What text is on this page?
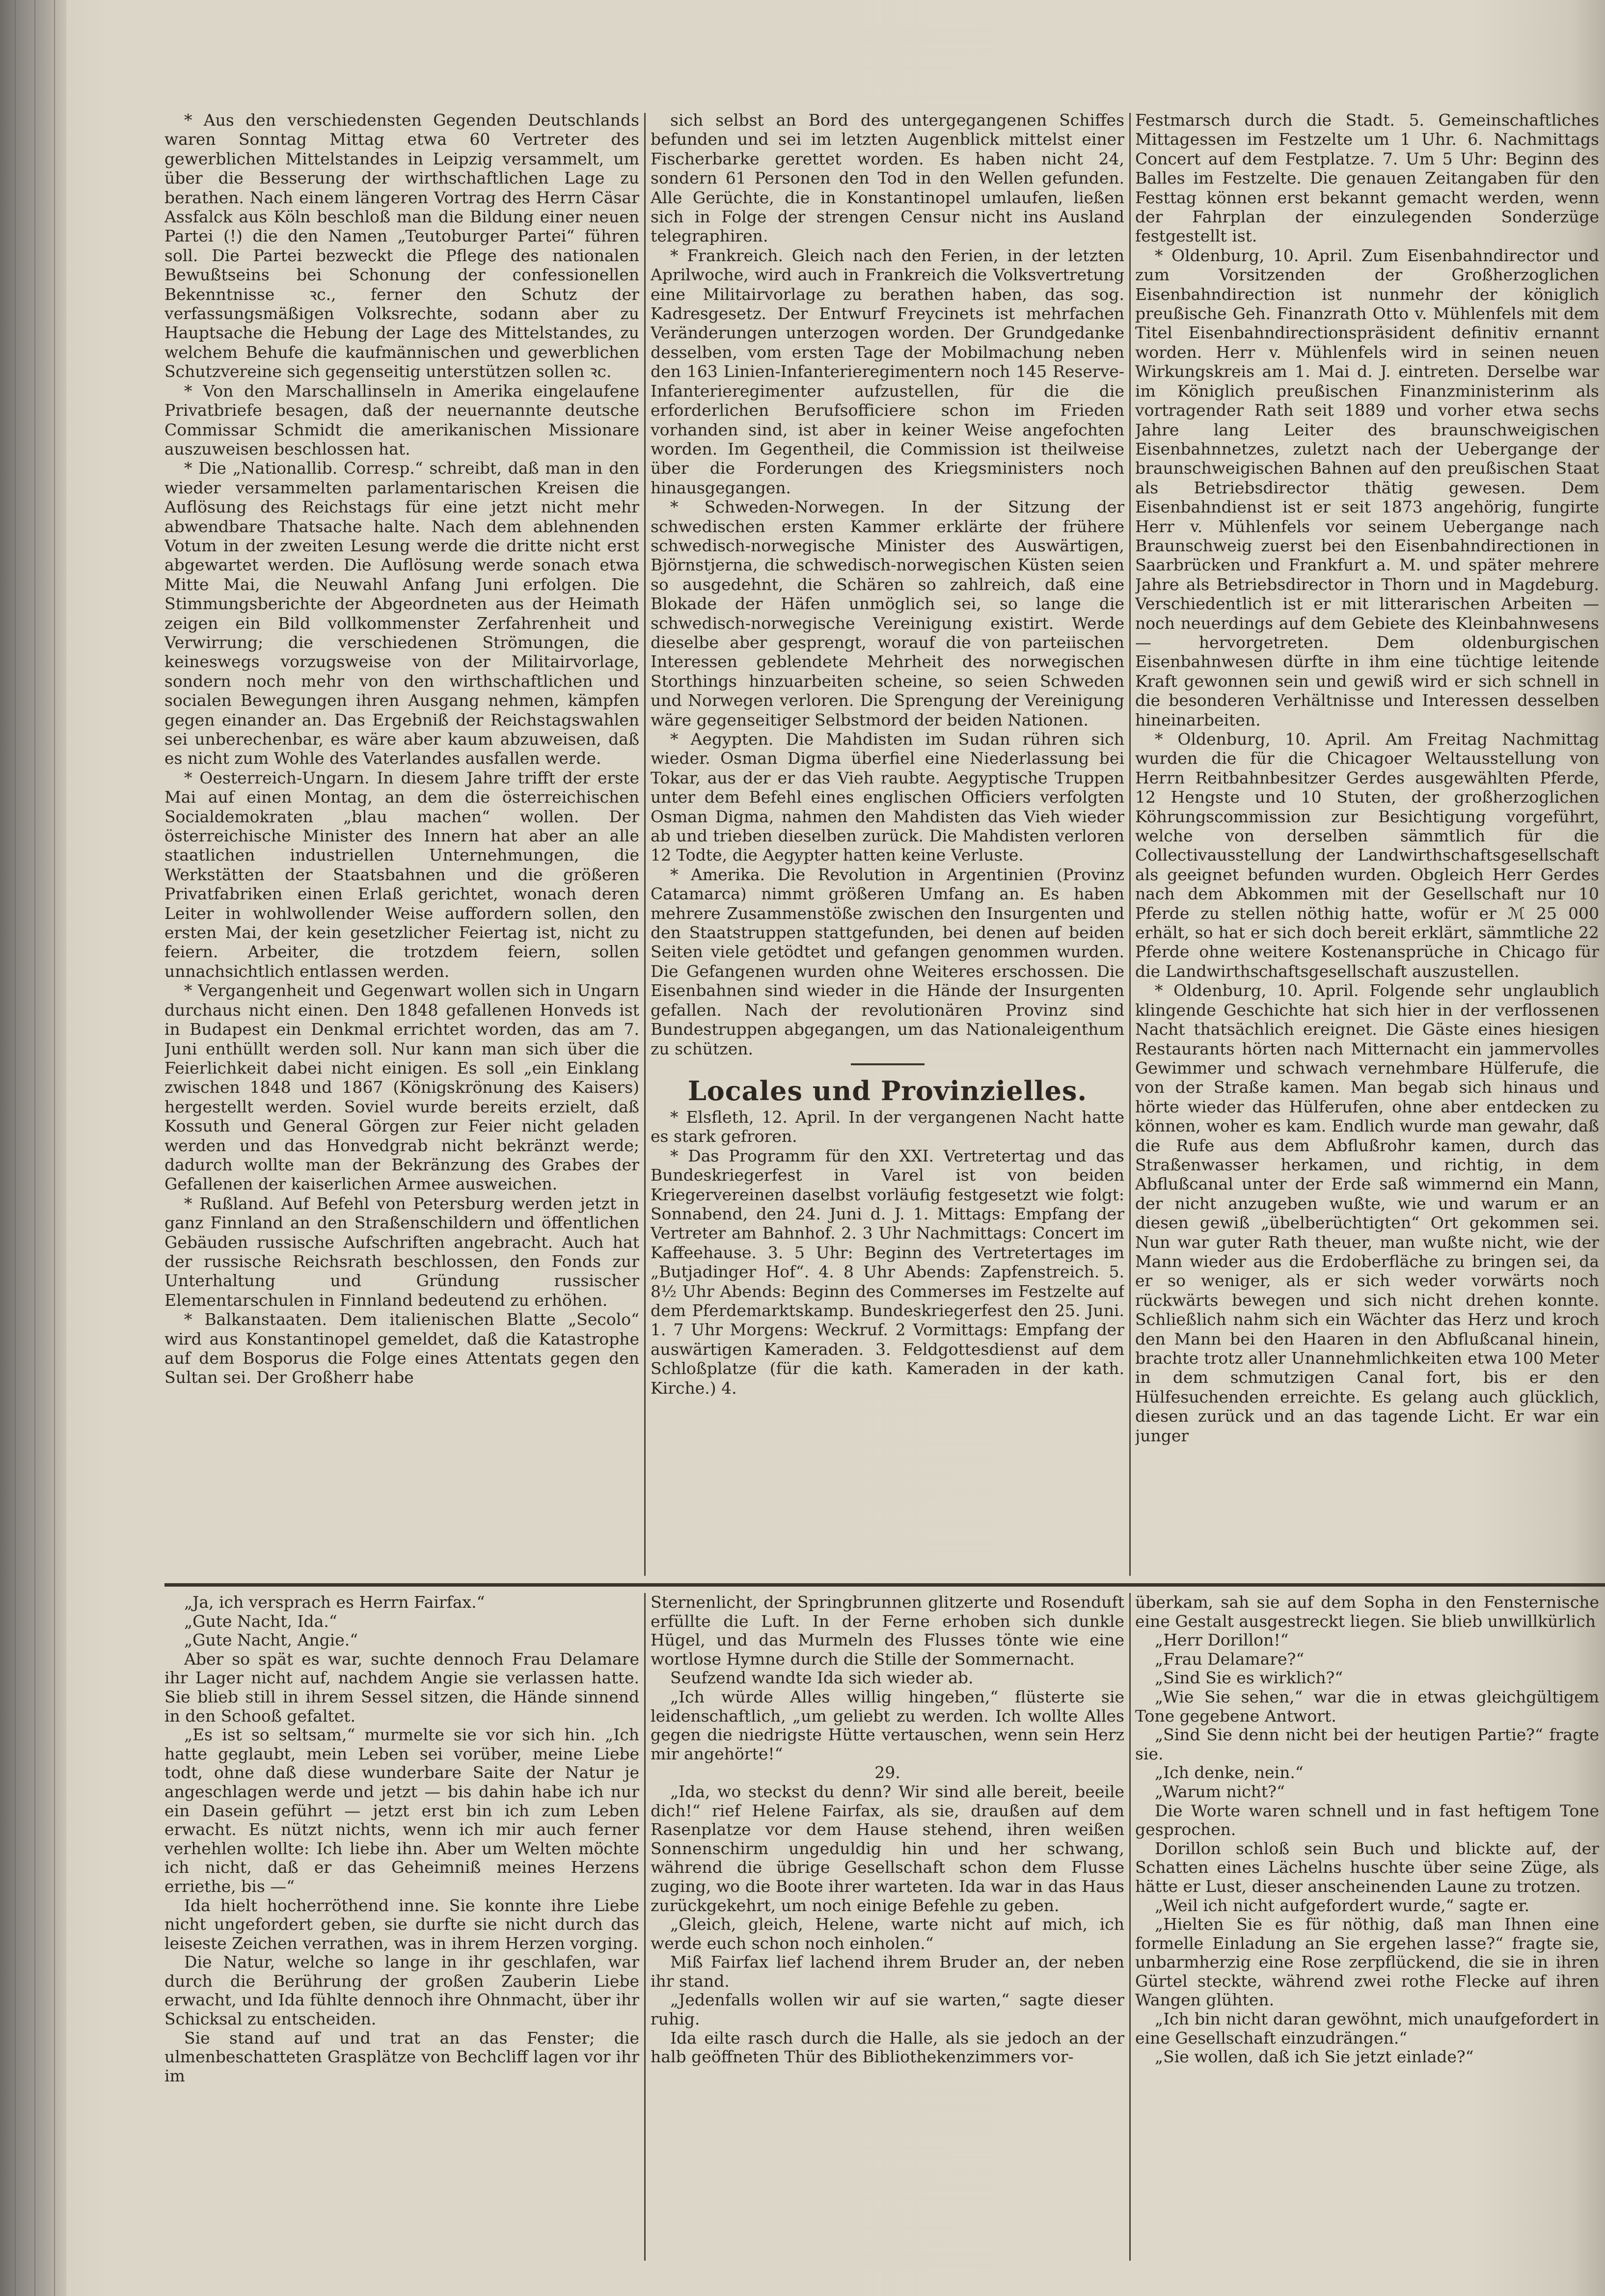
* Aus den verschiedensten Gegenden Deutschlands waren Sonntag Mittag etwa 60 Vertreter des gewerblichen Mittelstandes in Leipzig versammelt, um über die Besserung der wirthschaftlichen Lage zu berathen. Nach einem längeren Vortrag des Herrn Cäsar Assfalck aus Köln beschloß man die Bildung einer neuen Partei (!) die den Namen „Teutoburger Partei“ führen soll. Die Partei bezweckt die Pflege des nationalen Bewußtseins bei Schonung der confessionellen Bekenntnisse ꝛc., ferner den Schutz der verfassungsmäßigen Volksrechte, sodann aber zu Hauptsache die Hebung der Lage des Mittelstandes, zu welchem Behufe die kaufmännischen und gewerblichen Schutzvereine sich gegenseitig unterstützen sollen ꝛc.

* Von den Marschallinseln in Amerika eingelaufene Privatbriefe besagen, daß der neuernannte deutsche Commissar Schmidt die amerikanischen Missionare auszuweisen beschlossen hat.

* Die „Nationallib. Corresp.“ schreibt, daß man in den wieder versammelten parlamentarischen Kreisen die Auflösung des Reichstags für eine jetzt nicht mehr abwendbare Thatsache halte. Nach dem ablehnenden Votum in der zweiten Lesung werde die dritte nicht erst abgewartet werden. Die Auflösung werde sonach etwa Mitte Mai, die Neuwahl Anfang Juni erfolgen. Die Stimmungsberichte der Abgeordneten aus der Heimath zeigen ein Bild vollkommenster Zerfahrenheit und Verwirrung; die verschiedenen Strömungen, die keineswegs vorzugsweise von der Militairvorlage, sondern noch mehr von den wirthschaftlichen und socialen Bewegungen ihren Ausgang nehmen, kämpfen gegen einander an. Das Ergebniß der Reichstagswahlen sei unberechenbar, es wäre aber kaum abzuweisen, daß es nicht zum Wohle des Vaterlandes ausfallen werde.

* Oesterreich-Ungarn. In diesem Jahre trifft der erste Mai auf einen Montag, an dem die österreichischen Socialdemokraten „blau machen“ wollen. Der österreichische Minister des Innern hat aber an alle staatlichen industriellen Unternehmungen, die Werkstätten der Staatsbahnen und die größeren Privatfabriken einen Erlaß gerichtet, wonach deren Leiter in wohlwollender Weise auffordern sollen, den ersten Mai, der kein gesetzlicher Feiertag ist, nicht zu feiern. Arbeiter, die trotzdem feiern, sollen unnachsichtlich entlassen werden.

* Vergangenheit und Gegenwart wollen sich in Ungarn durchaus nicht einen. Den 1848 gefallenen Honveds ist in Budapest ein Denkmal errichtet worden, das am 7. Juni enthüllt werden soll. Nur kann man sich über die Feierlichkeit dabei nicht einigen. Es soll „ein Einklang zwischen 1848 und 1867 (Königskrönung des Kaisers) hergestellt werden. Soviel wurde bereits erzielt, daß Kossuth und General Görgen zur Feier nicht geladen werden und das Honvedgrab nicht bekränzt werde; dadurch wollte man der Bekränzung des Grabes der Gefallenen der kaiserlichen Armee ausweichen.

* Rußland. Auf Befehl von Petersburg werden jetzt in ganz Finnland an den Straßenschildern und öffentlichen Gebäuden russische Aufschriften angebracht. Auch hat der russische Reichsrath beschlossen, den Fonds zur Unterhaltung und Gründung russischer Elementarschulen in Finnland bedeutend zu erhöhen.

* Balkanstaaten. Dem italienischen Blatte „Secolo“ wird aus Konstantinopel gemeldet, daß die Katastrophe auf dem Bosporus die Folge eines Attentats gegen den Sultan sei. Der Großherr habe

sich selbst an Bord des untergegangenen Schiffes befunden und sei im letzten Augenblick mittelst einer Fischerbarke gerettet worden. Es haben nicht 24, sondern 61 Personen den Tod in den Wellen gefunden. Alle Gerüchte, die in Konstantinopel umlaufen, ließen sich in Folge der strengen Censur nicht ins Ausland telegraphiren.

* Frankreich. Gleich nach den Ferien, in der letzten Aprilwoche, wird auch in Frankreich die Volksvertretung eine Militairvorlage zu berathen haben, das sog. Kadresgesetz. Der Entwurf Freycinets ist mehrfachen Veränderungen unterzogen worden. Der Grundgedanke desselben, vom ersten Tage der Mobilmachung neben den 163 Linien-Infanterieregimentern noch 145 Reserve-Infanterieregimenter aufzustellen, für die die erforderlichen Berufsofficiere schon im Frieden vorhanden sind, ist aber in keiner Weise angefochten worden. Im Gegentheil, die Commission ist theilweise über die Forderungen des Kriegsministers noch hinausgegangen.

* Schweden-Norwegen. In der Sitzung der schwedischen ersten Kammer erklärte der frühere schwedisch-norwegische Minister des Auswärtigen, Björnstjerna, die schwedisch-norwegischen Küsten seien so ausgedehnt, die Schären so zahlreich, daß eine Blokade der Häfen unmöglich sei, so lange die schwedisch-norwegische Vereinigung existirt. Werde dieselbe aber gesprengt, worauf die von parteiischen Interessen geblendete Mehrheit des norwegischen Storthings hinzuarbeiten scheine, so seien Schweden und Norwegen verloren. Die Sprengung der Vereinigung wäre gegenseitiger Selbstmord der beiden Nationen.

* Aegypten. Die Mahdisten im Sudan rühren sich wieder. Osman Digma überfiel eine Niederlassung bei Tokar, aus der er das Vieh raubte. Aegyptische Truppen unter dem Befehl eines englischen Officiers verfolgten Osman Digma, nahmen den Mahdisten das Vieh wieder ab und trieben dieselben zurück. Die Mahdisten verloren 12 Todte, die Aegypter hatten keine Verluste.

* Amerika. Die Revolution in Argentinien (Provinz Catamarca) nimmt größeren Umfang an. Es haben mehrere Zusammenstöße zwischen den Insurgenten und den Staatstruppen stattgefunden, bei denen auf beiden Seiten viele getödtet und gefangen genommen wurden. Die Gefangenen wurden ohne Weiteres erschossen. Die Eisenbahnen sind wieder in die Hände der Insurgenten gefallen. Nach der revolutionären Provinz sind Bundestruppen abgegangen, um das Nationaleigenthum zu schützen.

Locales und Provinzielles.

* Elsfleth, 12. April. In der vergangenen Nacht hatte es stark gefroren.

* Das Programm für den XXI. Vertretertag und das Bundeskriegerfest in Varel ist von beiden Kriegervereinen daselbst vorläufig festgesetzt wie folgt: Sonnabend, den 24. Juni d. J. 1. Mittags: Empfang der Vertreter am Bahnhof. 2. 3 Uhr Nachmittags: Concert im Kaffeehause. 3. 5 Uhr: Beginn des Vertretertages im „Butjadinger Hof“. 4. 8 Uhr Abends: Zapfenstreich. 5. 8½ Uhr Abends: Beginn des Commerses im Festzelte auf dem Pferdemarktskamp. Bundeskriegerfest den 25. Juni. 1. 7 Uhr Morgens: Weckruf. 2 Vormittags: Empfang der auswärtigen Kameraden. 3. Feldgottesdienst auf dem Schloßplatze (für die kath. Kameraden in der kath. Kirche.) 4.

Festmarsch durch die Stadt. 5. Gemeinschaftliches Mittagessen im Festzelte um 1 Uhr. 6. Nachmittags Concert auf dem Festplatze. 7. Um 5 Uhr: Beginn des Balles im Festzelte. Die genauen Zeitangaben für den Festtag können erst bekannt gemacht werden, wenn der Fahrplan der einzulegenden Sonderzüge festgestellt ist.

* Oldenburg, 10. April. Zum Eisenbahndirector und zum Vorsitzenden der Großherzoglichen Eisenbahndirection ist nunmehr der königlich preußische Geh. Finanzrath Otto v. Mühlenfels mit dem Titel Eisenbahndirectionspräsident definitiv ernannt worden. Herr v. Mühlenfels wird in seinen neuen Wirkungskreis am 1. Mai d. J. eintreten. Derselbe war im Königlich preußischen Finanzministerinm als vortragender Rath seit 1889 und vorher etwa sechs Jahre lang Leiter des braunschweigischen Eisenbahnnetzes, zuletzt nach der Uebergange der braunschweigischen Bahnen auf den preußischen Staat als Betriebsdirector thätig gewesen. Dem Eisenbahndienst ist er seit 1873 angehörig, fungirte Herr v. Mühlenfels vor seinem Uebergange nach Braunschweig zuerst bei den Eisenbahndirectionen in Saarbrücken und Frankfurt a. M. und später mehrere Jahre als Betriebsdirector in Thorn und in Magdeburg. Verschiedentlich ist er mit litterarischen Arbeiten — noch neuerdings auf dem Gebiete des Kleinbahnwesens — hervorgetreten. Dem oldenburgischen Eisenbahnwesen dürfte in ihm eine tüchtige leitende Kraft gewonnen sein und gewiß wird er sich schnell in die besonderen Verhältnisse und Interessen desselben hineinarbeiten.

* Oldenburg, 10. April. Am Freitag Nachmittag wurden die für die Chicagoer Weltausstellung von Herrn Reitbahnbesitzer Gerdes ausgewählten Pferde, 12 Hengste und 10 Stuten, der großherzoglichen Köhrungscommission zur Besichtigung vorgeführt, welche von derselben sämmtlich für die Collectivausstellung der Landwirthschaftsgesellschaft als geeignet befunden wurden. Obgleich Herr Gerdes nach dem Abkommen mit der Gesellschaft nur 10 Pferde zu stellen nöthig hatte, wofür er ℳ 25 000 erhält, so hat er sich doch bereit erklärt, sämmtliche 22 Pferde ohne weitere Kostenansprüche in Chicago für die Landwirthschaftsgesellschaft auszustellen.

* Oldenburg, 10. April. Folgende sehr unglaublich klingende Geschichte hat sich hier in der verflossenen Nacht thatsächlich ereignet. Die Gäste eines hiesigen Restaurants hörten nach Mitternacht ein jammervolles Gewimmer und schwach vernehmbare Hülferufe, die von der Straße kamen. Man begab sich hinaus und hörte wieder das Hülferufen, ohne aber entdecken zu können, woher es kam. Endlich wurde man gewahr, daß die Rufe aus dem Abflußrohr kamen, durch das Straßenwasser herkamen, und richtig, in dem Abflußcanal unter der Erde saß wimmernd ein Mann, der nicht anzugeben wußte, wie und warum er an diesen gewiß „übelberüchtigten“ Ort gekommen sei. Nun war guter Rath theuer, man wußte nicht, wie der Mann wieder aus die Erdoberfläche zu bringen sei, da er so weniger, als er sich weder vorwärts noch rückwärts bewegen und sich nicht drehen konnte. Schließlich nahm sich ein Wächter das Herz und kroch den Mann bei den Haaren in den Abflußcanal hinein, brachte trotz aller Unannehmlichkeiten etwa 100 Meter in dem schmutzigen Canal fort, bis er den Hülfesuchenden erreichte. Es gelang auch glücklich, diesen zurück und an das tagende Licht. Er war ein junger

„Ja, ich versprach es Herrn Fairfax.“

„Gute Nacht, Ida.“

„Gute Nacht, Angie.“

Aber so spät es war, suchte dennoch Frau Delamare ihr Lager nicht auf, nachdem Angie sie verlassen hatte. Sie blieb still in ihrem Sessel sitzen, die Hände sinnend in den Schooß gefaltet.

„Es ist so seltsam,“ murmelte sie vor sich hin. „Ich hatte geglaubt, mein Leben sei vorüber, meine Liebe todt, ohne daß diese wunderbare Saite der Natur je angeschlagen werde und jetzt — bis dahin habe ich nur ein Dasein geführt — jetzt erst bin ich zum Leben erwacht. Es nützt nichts, wenn ich mir auch ferner verhehlen wollte: Ich liebe ihn. Aber um Welten möchte ich nicht, daß er das Geheimniß meines Herzens erriethe, bis —“

Ida hielt hocherröthend inne. Sie konnte ihre Liebe nicht ungefordert geben, sie durfte sie nicht durch das leiseste Zeichen verrathen, was in ihrem Herzen vorging.

Die Natur, welche so lange in ihr geschlafen, war durch die Berührung der großen Zauberin Liebe erwacht, und Ida fühlte dennoch ihre Ohnmacht, über ihr Schicksal zu entscheiden.

Sie stand auf und trat an das Fenster; die ulmenbeschatteten Grasplätze von Bechcliff lagen vor ihr im

Sternenlicht, der Springbrunnen glitzerte und Rosenduft erfüllte die Luft. In der Ferne erhoben sich dunkle Hügel, und das Murmeln des Flusses tönte wie eine wortlose Hymne durch die Stille der Sommernacht.

Seufzend wandte Ida sich wieder ab.

„Ich würde Alles willig hingeben,“ flüsterte sie leidenschaftlich, „um geliebt zu werden. Ich wollte Alles gegen die niedrigste Hütte vertauschen, wenn sein Herz mir angehörte!“

29.

„Ida, wo steckst du denn? Wir sind alle bereit, beeile dich!“ rief Helene Fairfax, als sie, draußen auf dem Rasenplatze vor dem Hause stehend, ihren weißen Sonnenschirm ungeduldig hin und her schwang, während die übrige Gesellschaft schon dem Flusse zuging, wo die Boote ihrer warteten. Ida war in das Haus zurückgekehrt, um noch einige Befehle zu geben.

„Gleich, gleich, Helene, warte nicht auf mich, ich werde euch schon noch einholen.“

Miß Fairfax lief lachend ihrem Bruder an, der neben ihr stand.

„Jedenfalls wollen wir auf sie warten,“ sagte dieser ruhig.

Ida eilte rasch durch die Halle, als sie jedoch an der halb geöffneten Thür des Bibliothekenzimmers vor-

überkam, sah sie auf dem Sopha in den Fensternische eine Gestalt ausgestreckt liegen. Sie blieb unwillkürlich

„Herr Dorillon!“

„Frau Delamare?“

„Sind Sie es wirklich?“

„Wie Sie sehen,“ war die in etwas gleichgültigem Tone gegebene Antwort.

„Sind Sie denn nicht bei der heutigen Partie?“ fragte sie.

„Ich denke, nein.“

„Warum nicht?“

Die Worte waren schnell und in fast heftigem Tone gesprochen.

Dorillon schloß sein Buch und blickte auf, der Schatten eines Lächelns huschte über seine Züge, als hätte er Lust, dieser anscheinenden Laune zu trotzen.

„Weil ich nicht aufgefordert wurde,“ sagte er.

„Hielten Sie es für nöthig, daß man Ihnen eine formelle Einladung an Sie ergehen lasse?“ fragte sie, unbarmherzig eine Rose zerpflückend, die sie in ihren Gürtel steckte, während zwei rothe Flecke auf ihren Wangen glühten.

„Ich bin nicht daran gewöhnt, mich unaufgefordert in eine Gesellschaft einzudrängen.“

„Sie wollen, daß ich Sie jetzt einlade?“
